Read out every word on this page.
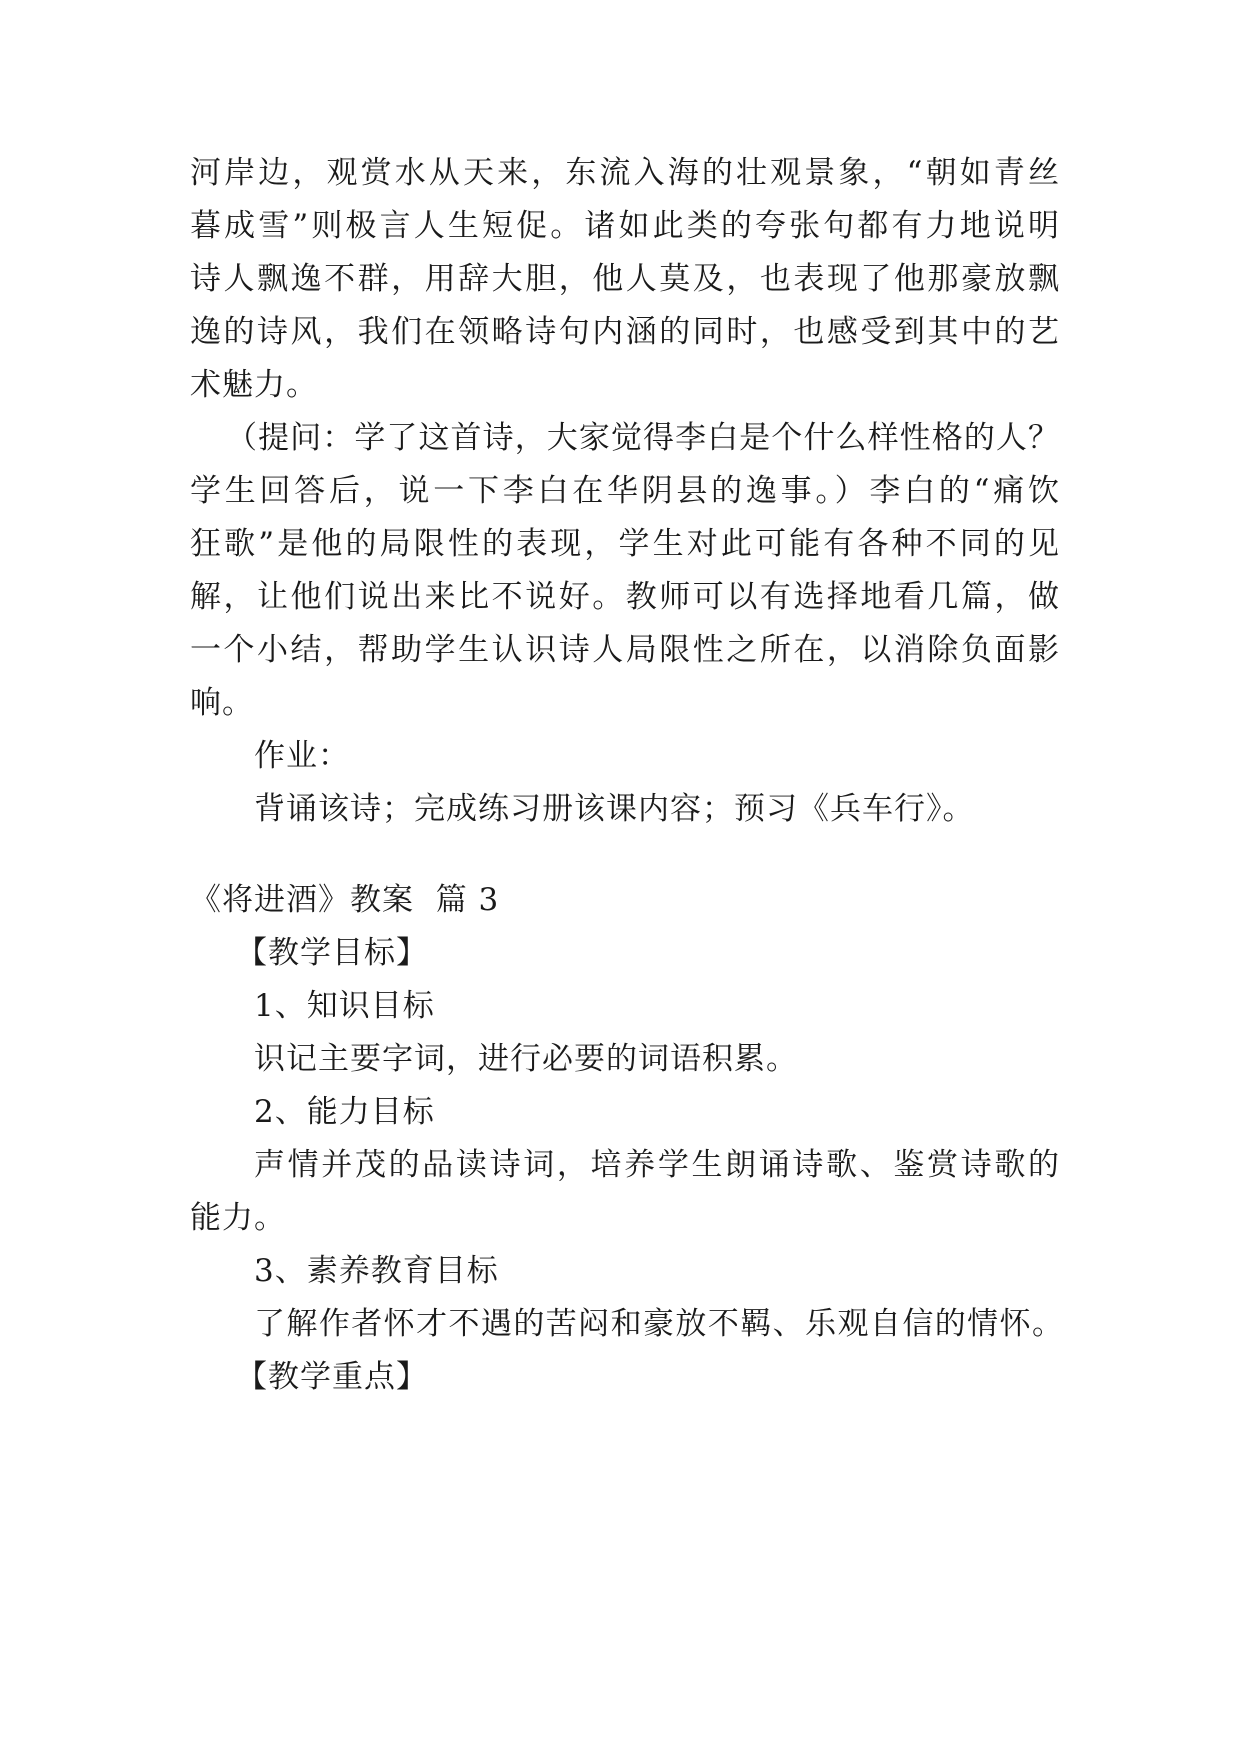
河岸边，观赏水从天来，东流入海的壮观景象，“朝如青丝
暮成雪”则极言人生短促。诸如此类的夸张句都有力地说明
诗人飘逸不群，用辞大胆，他人莫及，也表现了他那豪放飘
逸的诗风，我们在领略诗句内涵的同时，也感受到其中的艺
术魅力。
（提问：学了这首诗，大家觉得李白是个什么样性格的人？
学生回答后，说一下李白在华阴县的逸事。）李白的“痛饮
狂歌”是他的局限性的表现，学生对此可能有各种不同的见
解，让他们说出来比不说好。教师可以有选择地看几篇，做
一个小结，帮助学生认识诗人局限性之所在，以消除负面影
响。
作业：
背诵该诗；完成练习册该课内容；预习《兵车行》。
《将进酒》教案  篇 3
【教学目标】
1、知识目标
识记主要字词，进行必要的词语积累。
2、能力目标
声情并茂的品读诗词，培养学生朗诵诗歌、鉴赏诗歌的
能力。
3、素养教育目标
了解作者怀才不遇的苦闷和豪放不羁、乐观自信的情怀。
【教学重点】
